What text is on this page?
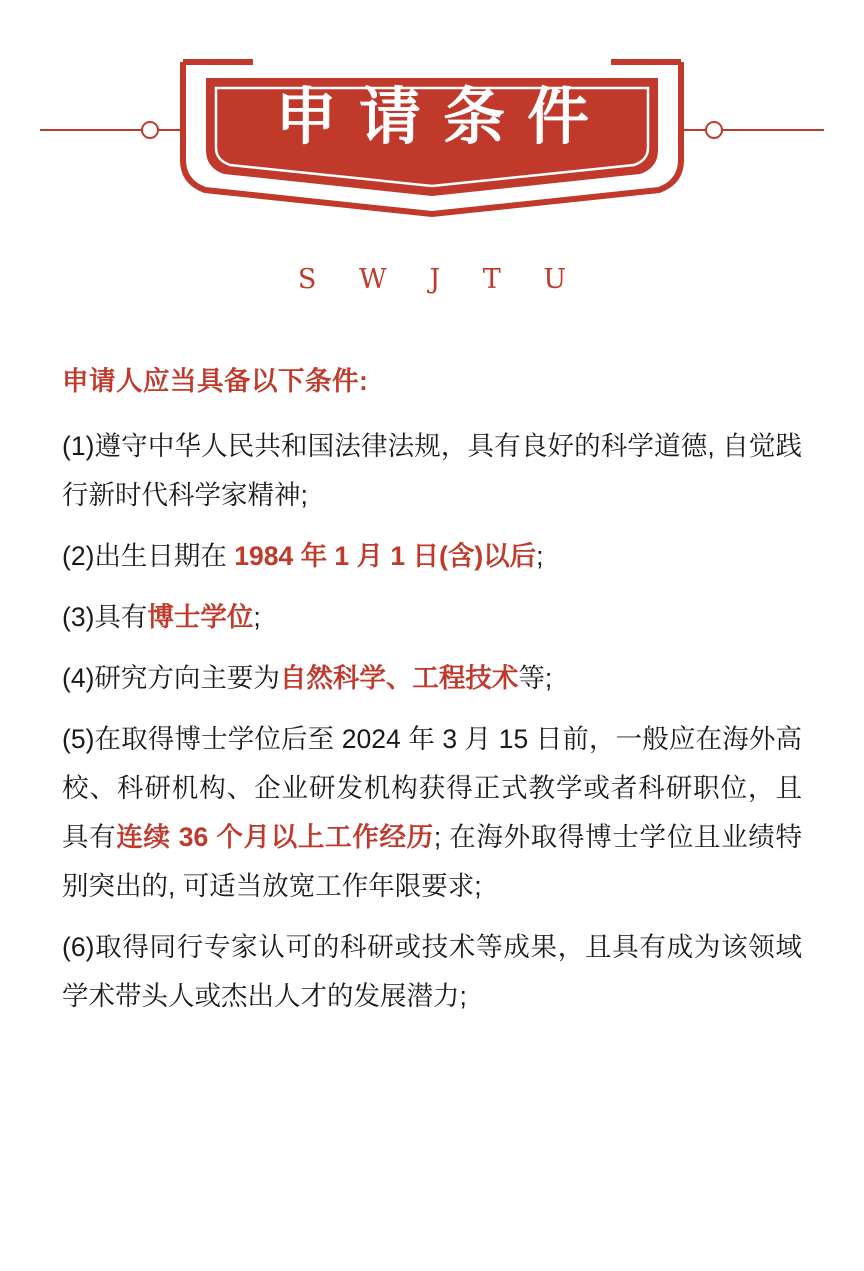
申请条件
S W J T U
申请人应当具备以下条件:

(1)遵守中华人民共和国法律法规，具有良好的科学道德, 自觉践行新时代科学家精神;

(2)出生日期在 1984 年 1 月 1 日(含)以后;

(3)具有博士学位;

(4)研究方向主要为自然科学、工程技术等;

(5)在取得博士学位后至 2024 年 3 月 15 日前，一般应在海外高校、科研机构、企业研发机构获得正式教学或者科研职位，且具有连续 36 个月以上工作经历; 在海外取得博士学位且业绩特别突出的, 可适当放宽工作年限要求;

(6)取得同行专家认可的科研或技术等成果，且具有成为该领域学术带头人或杰出人才的发展潜力;
